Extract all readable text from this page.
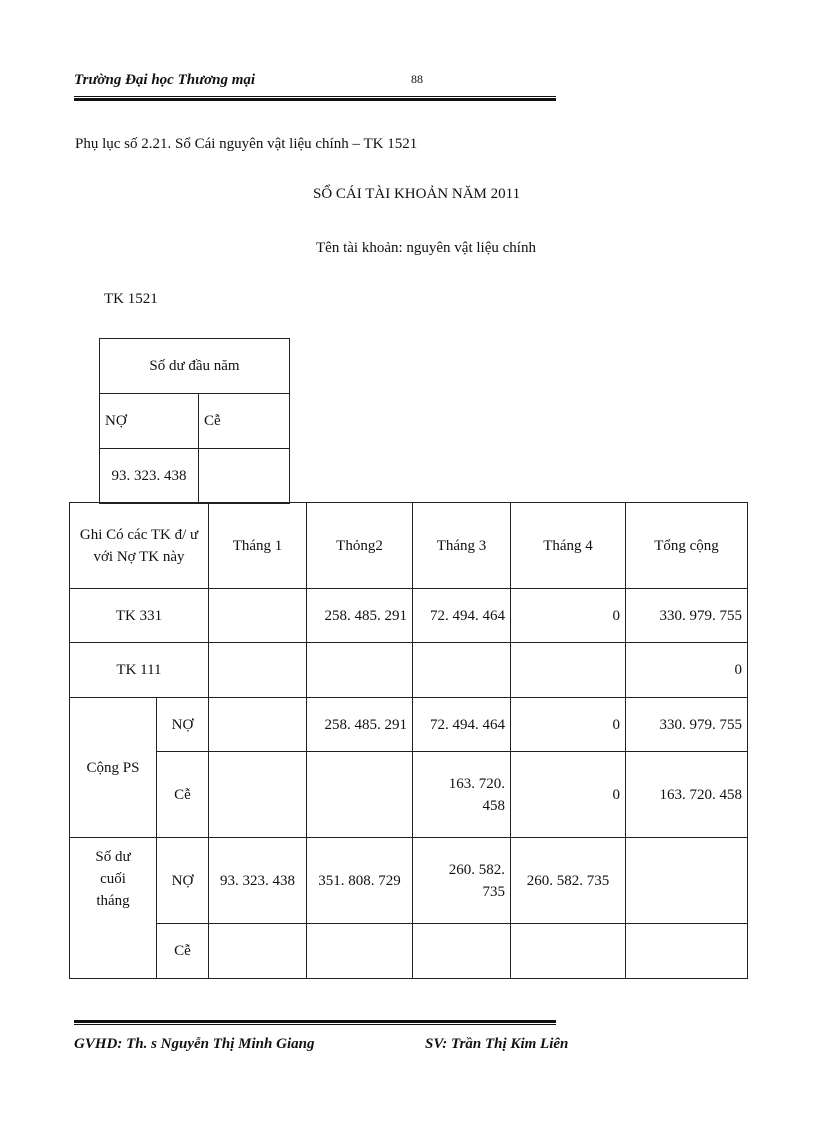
Trường Đại học Thương mại	88
Phụ lục số 2.21. Sổ Cái nguyên vật liệu chính – TK 1521
SỔ CÁI TÀI KHOẢN NĂM 2011
Tên tài khoản: nguyên vật liệu chính
TK 1521
Số dư đầu năm	
NỢ	Cễ
93. 323. 438	
Ghi Có các TK đ/ ư với Nợ TK này		Tháng 1	Thỏng2	Tháng 3	Tháng 4	Tổng cộng
TK 331			258. 485. 291	72. 494. 464	0	330. 979. 755
TK 111						0
Cộng PS	NỢ		258. 485. 291	72. 494. 464	0	330. 979. 755
	Cễ			163. 720. 458	0	163. 720. 458
Số dư cuối tháng	NỢ	93. 323. 438	351. 808. 729	260. 582. 735	260. 582. 735	
	Cễ					
GVHD: Th. s Nguyễn Thị Minh Giang	SV: Trần Thị Kim Liên
